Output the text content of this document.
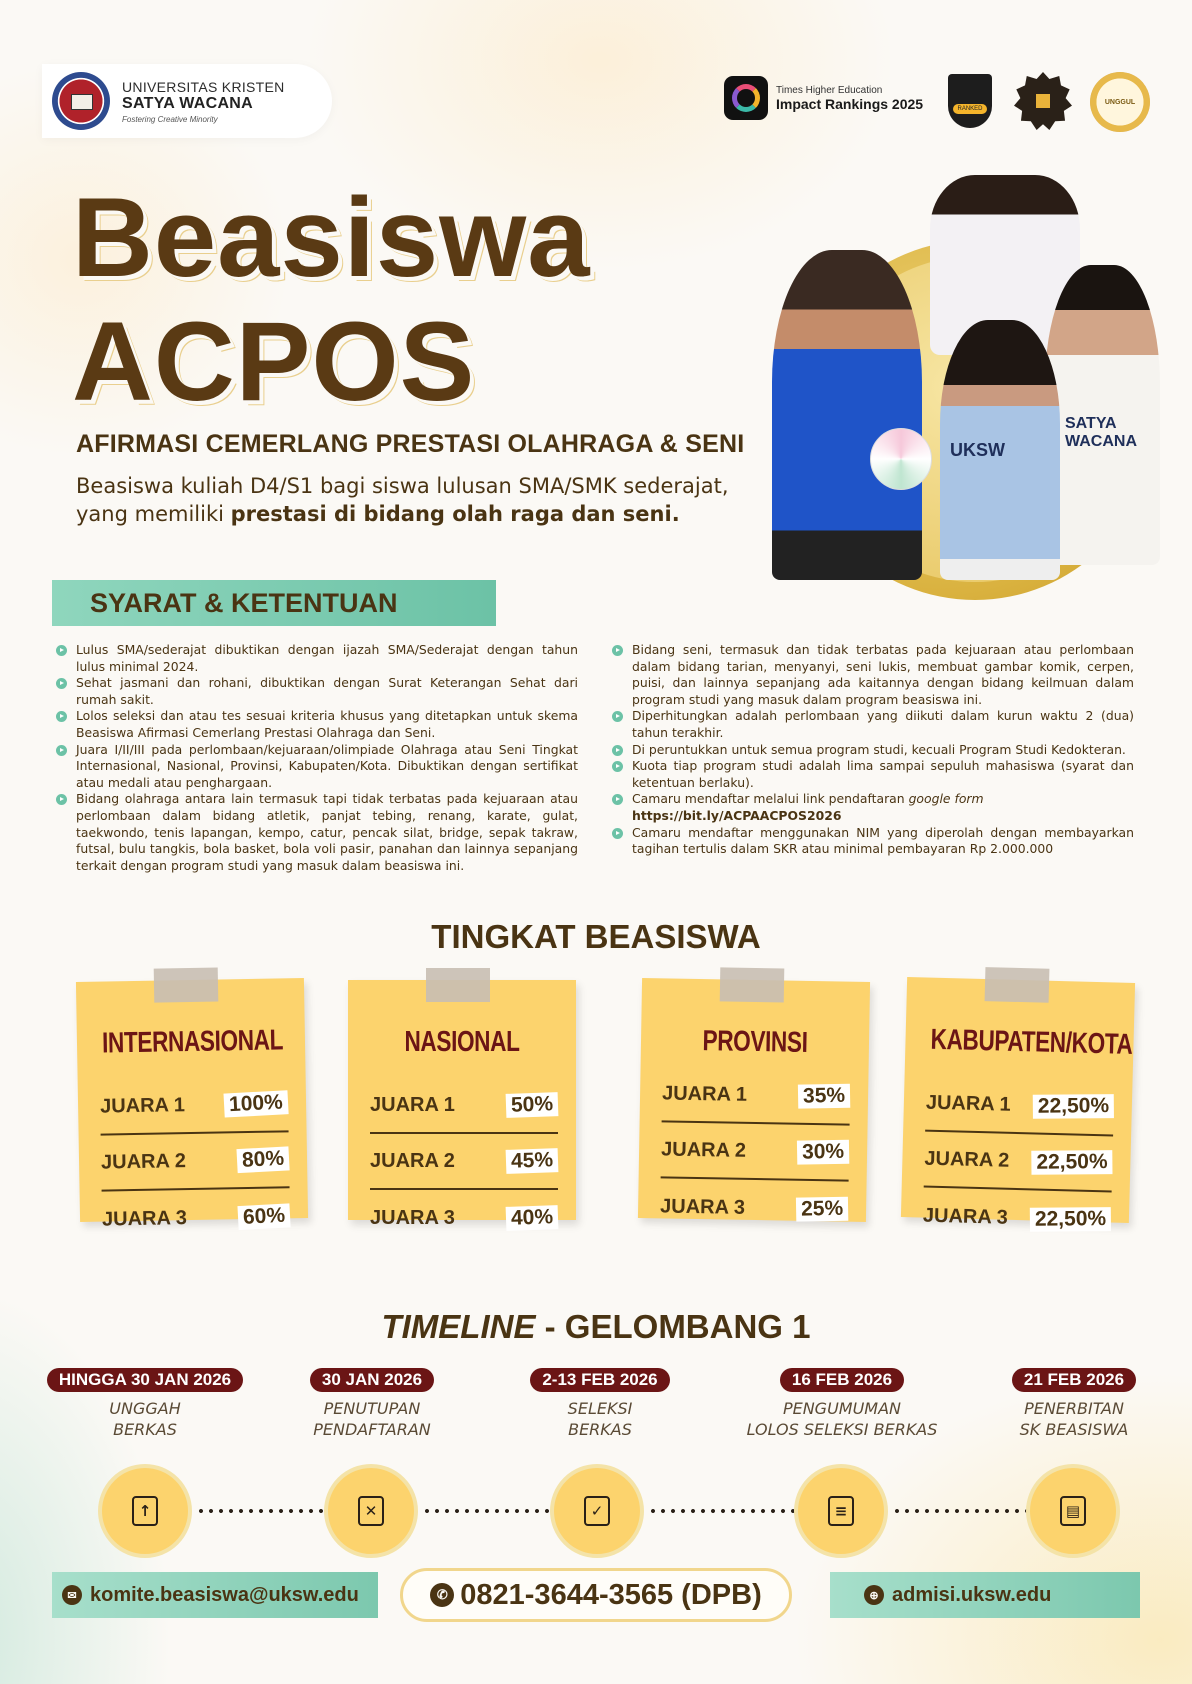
UNIVERSITAS KRISTEN
SATYA WACANA
Fostering Creative Minority
Times Higher Education
Impact Rankings 2025	RANKED
UNGGUL
Beasiswa
ACPOS	SATYA WACANA
UKSW
AFIRMASI CEMERLANG PRESTASI OLAHRAGA & SENI
Beasiswa kuliah D4/S1 bagi siswa lulusan SMA/SMK sederajat, yang memiliki prestasi di bidang olah raga dan seni.
SYARAT & KETENTUAN
Lulus SMA/sederajat dibuktikan dengan ijazah SMA/Sederajat dengan tahun lulus minimal 2024.
Sehat jasmani dan rohani, dibuktikan dengan Surat Keterangan Sehat dari rumah sakit.
Lolos seleksi dan atau tes sesuai kriteria khusus yang ditetapkan untuk skema Beasiswa Afirmasi Cemerlang Prestasi Olahraga dan Seni.
Juara I/II/III pada perlombaan/kejuaraan/olimpiade Olahraga atau Seni Tingkat Internasional, Nasional, Provinsi, Kabupaten/Kota. Dibuktikan dengan sertifikat atau medali atau penghargaan.
Bidang olahraga antara lain termasuk tapi tidak terbatas pada kejuaraan atau perlombaan dalam bidang atletik, panjat tebing, renang, karate, gulat, taekwondo, tenis lapangan, kempo, catur, pencak silat, bridge, sepak takraw, futsal, bulu tangkis, bola basket, bola voli pasir, panahan dan lainnya sepanjang terkait dengan program studi yang masuk dalam beasiswa ini.
Bidang seni, termasuk dan tidak terbatas pada kejuaraan atau perlombaan dalam bidang tarian, menyanyi, seni lukis, membuat gambar komik, cerpen, puisi, dan lainnya sepanjang ada kaitannya dengan bidang keilmuan dalam program studi yang masuk dalam program beasiswa ini.
Diperhitungkan adalah perlombaan yang diikuti dalam kurun waktu 2 (dua) tahun terakhir.
Di peruntukkan untuk semua program studi, kecuali Program Studi Kedokteran.
Kuota tiap program studi adalah lima sampai sepuluh mahasiswa (syarat dan ketentuan berlaku).
Camaru mendaftar melalui link pendaftaran google form
https://bit.ly/ACPAACPOS2026
Camaru mendaftar menggunakan NIM yang diperolah dengan membayarkan tagihan tertulis dalam SKR atau minimal pembayaran Rp 2.000.000
TINGKAT BEASISWA
INTERNASIONAL
JUARA 1 100%
JUARA 2	80%
JUARA 3	60%
NASIONAL
JUARA 1	50%
JUARA 2	45%
JUARA 3	40%
PROVINSI
JUARA 1	35%
JUARA 2	30%
JUARA 3	25%
KABUPATEN/KOTA
JUARA 1 22,50%
JUARA 2 22,50%
JUARA 3 22,50%
TIMELINE - GELOMBANG 1
HINGGA 30 JAN 2026
UNGGAH
BERKAS
↑
30 JAN 2026
PENUTUPAN
PENDAFTARAN
✕
2-13 FEB 2026
SELEKSI
BERKAS
✓
16 FEB 2026
PENGUMUMAN
LOLOS SELEKSI BERKAS
≡
21 FEB 2026
PENERBITAN
SK BEASISWA
▤
✉ komite.beasiswa@uksw.edu	✆ 0821-3644-3565 (DPB)	⊕ admisi.uksw.edu
